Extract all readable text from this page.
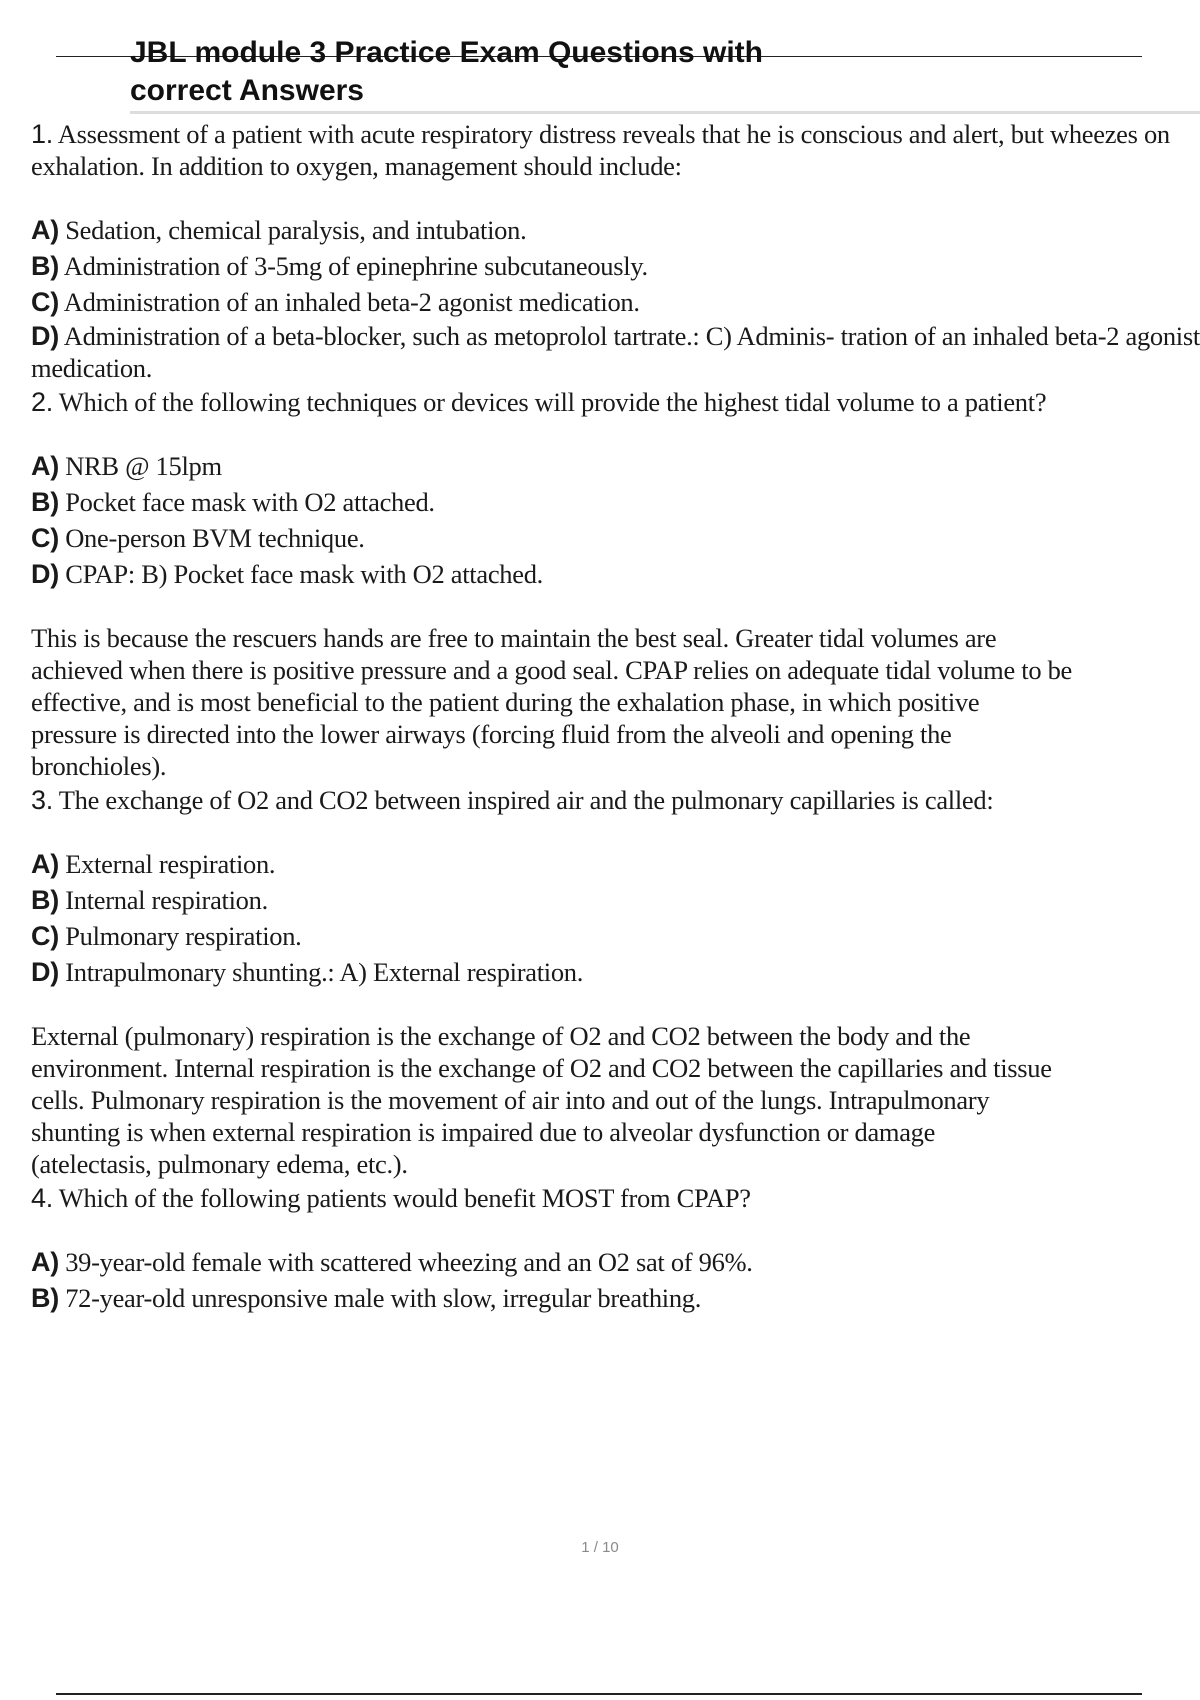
JBL module 3 Practice Exam Questions with
correct Answers

1. Assessment of a patient with acute respiratory distress reveals that he is conscious and alert, but wheezes on exhalation. In addition to oxygen, management should include:

A) Sedation, chemical paralysis, and intubation.
B) Administration of 3-5mg of epinephrine subcutaneously.
C) Administration of an inhaled beta-2 agonist medication.
D) Administration of a beta-blocker, such as metoprolol tartrate.: C) Adminis- tration of an inhaled beta-2 agonist medication.

2. Which of the following techniques or devices will provide the highest tidal volume to a patient?

A) NRB @ 15lpm
B) Pocket face mask with O2 attached.
C) One-person BVM technique.
D) CPAP: B) Pocket face mask with O2 attached.
This is because the rescuers hands are free to maintain the best seal. Greater tidal volumes are
achieved when there is positive pressure and a good seal. CPAP relies on adequate tidal volume to be
effective, and is most beneficial to the patient during the exhalation phase, in which positive
pressure is directed into the lower airways (forcing fluid from the alveoli and opening the
bronchioles).

3. The exchange of O2 and CO2 between inspired air and the pulmonary capillaries is called:

A) External respiration.
B) Internal respiration.
C) Pulmonary respiration.
D) Intrapulmonary shunting.: A) External respiration.
External (pulmonary) respiration is the exchange of O2 and CO2 between the body and the
environment. Internal respiration is the exchange of O2 and CO2 between the capillaries and tissue
cells. Pulmonary respiration is the movement of air into and out of the lungs. Intrapulmonary
shunting is when external respiration is impaired due to alveolar dysfunction or damage
(atelectasis, pulmonary edema, etc.).

4. Which of the following patients would benefit MOST from CPAP?

A) 39-year-old female with scattered wheezing and an O2 sat of 96%.
B) 72-year-old unresponsive male with slow, irregular breathing.
1 / 10
